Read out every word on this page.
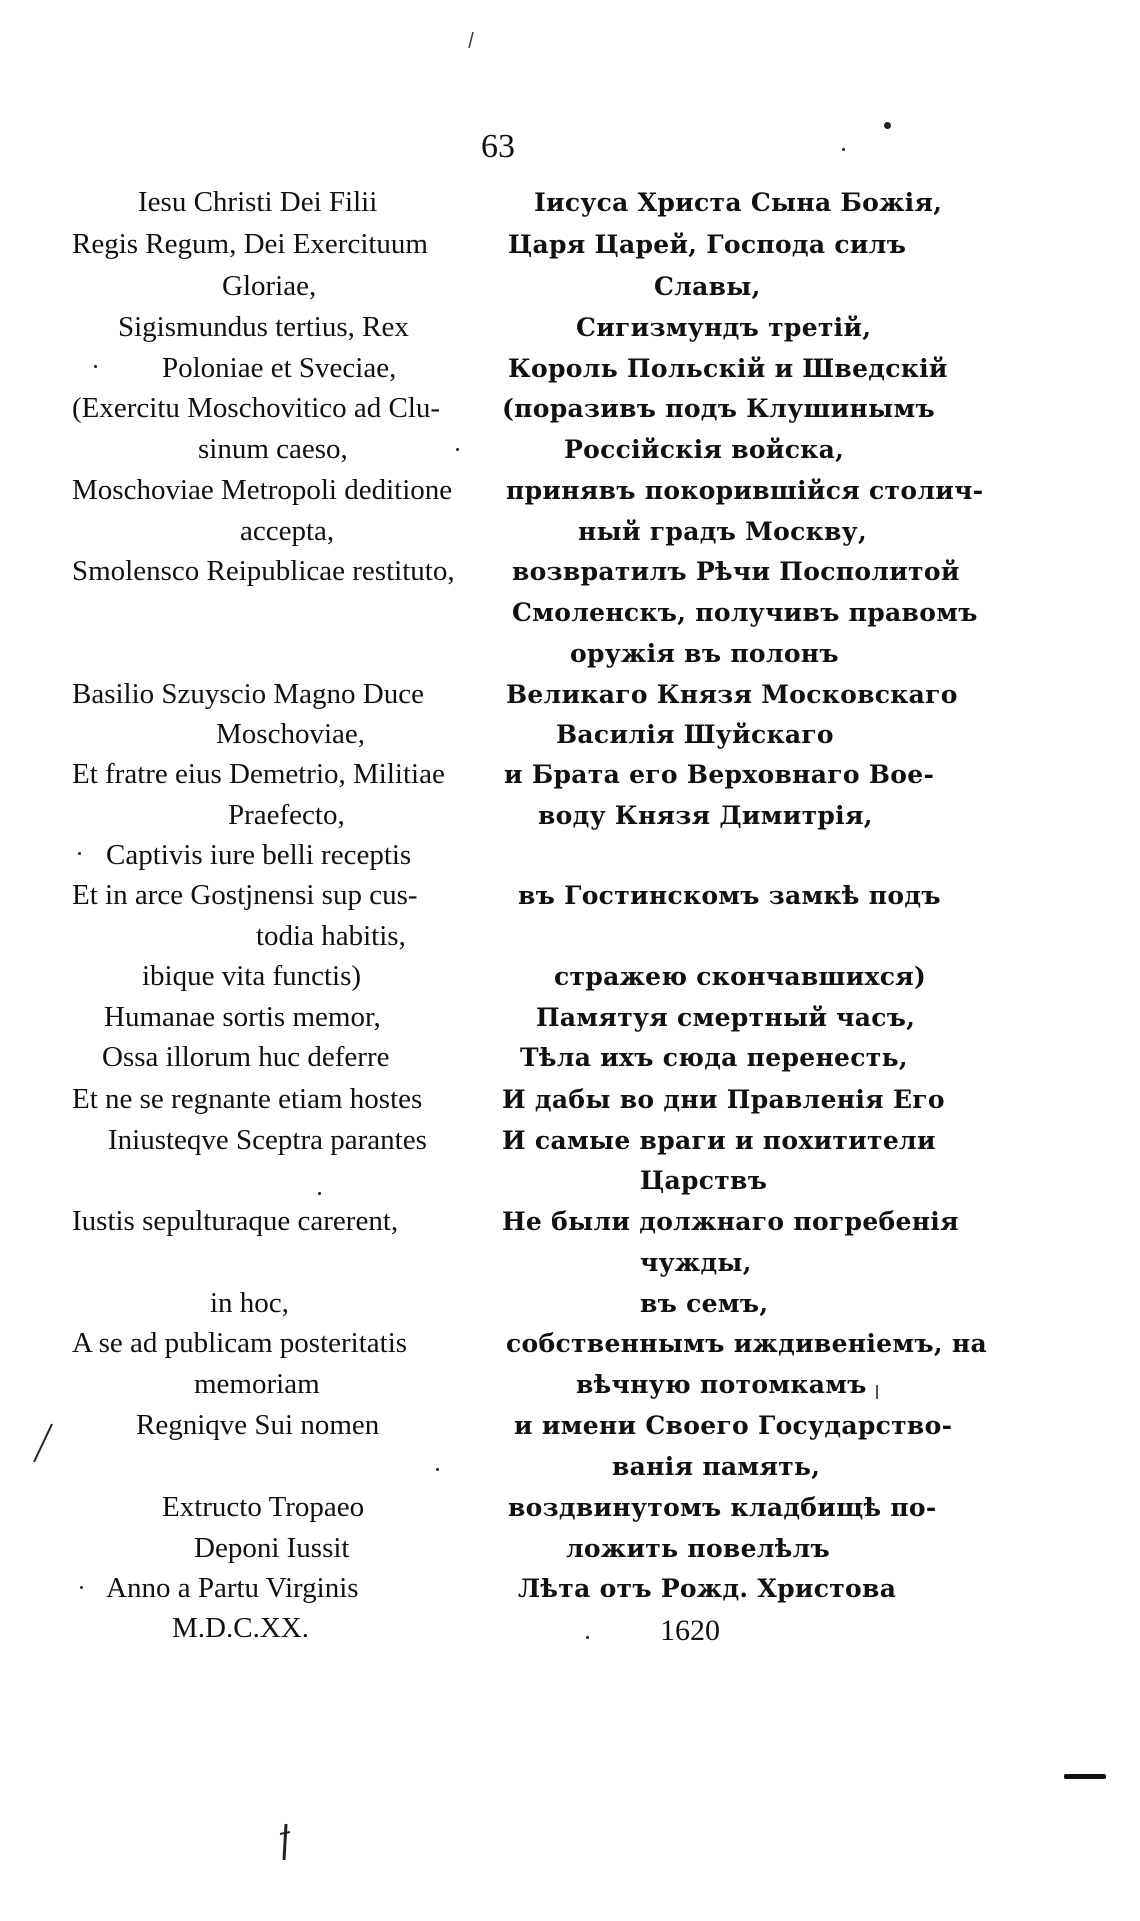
63
Iesu Christi Dei Filii
Regis Regum, Dei Exercituum
Gloriae,
Sigismundus tertius, Rex
Poloniae et Sveciae,
(Exercitu Moschovitico ad Clu-
sinum caeso,
Moschoviae Metropoli deditione
accepta,
Smolensco Reipublicae restituto,
Basilio Szuyscio Magno Duce
Moschoviae,
Et fratre eius Demetrio, Militiae
Praefecto,
Captivis iure belli receptis
Et in arce Gostjnensi sup cus-
todia habitis,
ibique vita functis)
Humanae sortis memor,
Ossa illorum huc deferre
Et ne se regnante etiam hostes
Iniusteqve Sceptra parantes
Iustis sepulturaque carerent,
in hoc,
A se ad publicam posteritatis
memoriam
Regniqve Sui nomen
Extructo Tropaeo
Deponi Iussit
Anno a Partu Virginis
M.D.C.XX.
Iисуса Христа Сына Божiя,
Царя Царей, Господа силъ
Славы,
Сигизмундъ третiй,
Король Польскiй и Шведскiй
(поразивъ подъ Клушинымъ
Россiйскiя войска,
принявъ покорившiйся столич-
ный градъ Москву,
возвратилъ Рѣчи Посполитой
Смоленскъ, получивъ правомъ
оружiя въ полонъ
Великаго Князя Московскаго
Василiя Шуйскаго
и Брата его Верховнаго Вое-
воду Князя Димитрiя,
въ Гостинскомъ замкѣ подъ
стражею скончавшихся)
Памятуя смертный часъ,
Тѣла ихъ сюда перенесть,
И дабы во дни Правленiя Его
И самые враги и похитители
Царствъ
Не были должнаго погребенiя
чужды,
въ семъ,
собственнымъ иждивенiемъ, на
вѣчную потомкамъ
и имени Своего Государство-
ванiя память,
воздвинутомъ кладбищѣ по-
ложить повелѣлъ
Лѣта отъ Рожд. Христова
1620
